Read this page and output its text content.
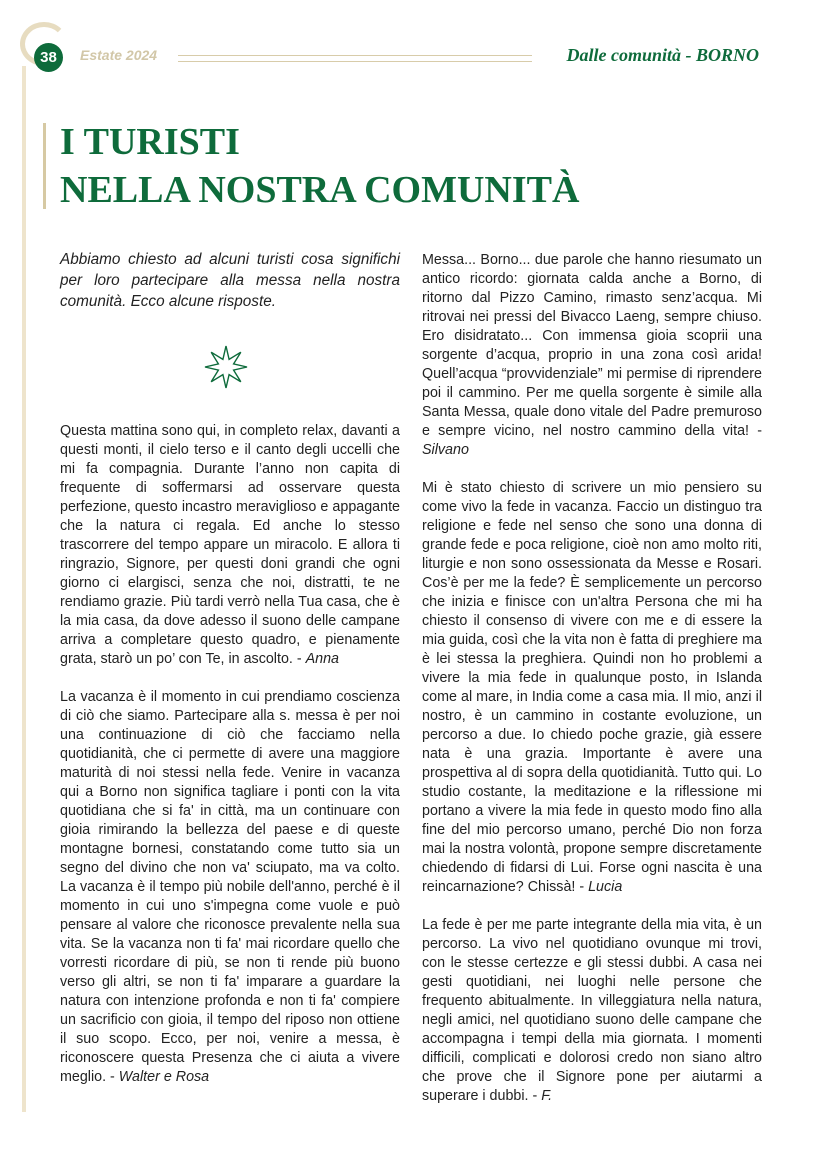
38	Estate 2024	Dalle comunità - BORNO
I TURISTI
NELLA NOSTRA COMUNITÀ

Abbiamo chiesto ad alcuni turisti cosa significhi per loro partecipare alla messa nella nostra comunità. Ecco alcune risposte.

Questa mattina sono qui, in completo relax, davanti a questi monti, il cielo terso e il canto degli uccelli che mi fa compagnia. Durante l’anno non capita di frequente di soffermarsi ad osservare questa perfezione, questo incastro meraviglioso e appagante che la natura ci regala. Ed anche lo stesso trascorrere del tempo appare un miracolo. E allora ti ringrazio, Signore, per questi doni grandi che ogni giorno ci elargisci, senza che noi, distratti, te ne rendiamo grazie. Più tardi verrò nella Tua casa, che è la mia casa, da dove adesso il suono delle campane arriva a completare questo quadro, e pienamente grata, starò un po’ con Te, in ascolto. - Anna

La vacanza è il momento in cui prendiamo coscienza di ciò che siamo. Partecipare alla s. messa è per noi una continuazione di ciò che facciamo nella quotidianità, che ci permette di avere una maggiore maturità di noi stessi nella fede. Venire in vacanza qui a Borno non significa tagliare i ponti con la vita quotidiana che si fa' in città, ma un continuare con gioia rimirando la bellezza del paese e di queste montagne bornesi, constatando come tutto sia un segno del divino che non va' sciupato, ma va colto. La vacanza è il tempo più nobile dell'anno, perché è il momento in cui uno s'impegna come vuole e può pensare al valore che riconosce prevalente nella sua vita. Se la vacanza non ti fa' mai ricordare quello che vorresti ricordare di più, se non ti rende più buono verso gli altri, se non ti fa' imparare a guardare la natura con intenzione profonda e non ti fa' compiere un sacrificio con gioia, il tempo del riposo non ottiene il suo scopo. Ecco, per noi, venire a messa, è riconoscere questa Presenza che ci aiuta a vivere meglio. - Walter e Rosa

Messa... Borno... due parole che hanno riesumato un antico ricordo: giornata calda anche a Borno, di ritorno dal Pizzo Camino, rimasto senz’acqua. Mi ritrovai nei pressi del Bivacco Laeng, sempre chiuso. Ero disidratato... Con immensa gioia scoprii una sorgente d’acqua, proprio in una zona così arida! Quell’acqua “provvidenziale” mi permise di riprendere poi il cammino. Per me quella sorgente è simile alla Santa Messa, quale dono vitale del Padre premuroso e sempre vicino, nel nostro cammino della vita! - Silvano

Mi è stato chiesto di scrivere un mio pensiero su come vivo la fede in vacanza. Faccio un distinguo tra religione e fede nel senso che sono una donna di grande fede e poca religione, cioè non amo molto riti, liturgie e non sono ossessionata da Messe e Rosari. Cos’è per me la fede? È semplicemente un percorso che inizia e finisce con un'altra Persona che mi ha chiesto il consenso di vivere con me e di essere la mia guida, così che la vita non è fatta di preghiere ma è lei stessa la preghiera. Quindi non ho problemi a vivere la mia fede in qualunque posto, in Islanda come al mare, in India come a casa mia. Il mio, anzi il nostro, è un cammino in costante evoluzione, un percorso a due. Io chiedo poche grazie, già essere nata è una grazia. Importante è avere una prospettiva al di sopra della quotidianità. Tutto qui. Lo studio costante, la meditazione e la riflessione mi portano a vivere la mia fede in questo modo fino alla fine del mio percorso umano, perché Dio non forza mai la nostra volontà, propone sempre discretamente chiedendo di fidarsi di Lui. Forse ogni nascita è una reincarnazione? Chissà! - Lucia

La fede è per me parte integrante della mia vita, è un percorso. La vivo nel quotidiano ovunque mi trovi, con le stesse certezze e gli stessi dubbi. A casa nei gesti quotidiani, nei luoghi nelle persone che frequento abitualmente. In villeggiatura nella natura, negli amici, nel quotidiano suono delle campane che accompagna i tempi della mia giornata. I momenti difficili, complicati e dolorosi credo non siano altro che prove che il Signore pone per aiutarmi a superare i dubbi. - F.
